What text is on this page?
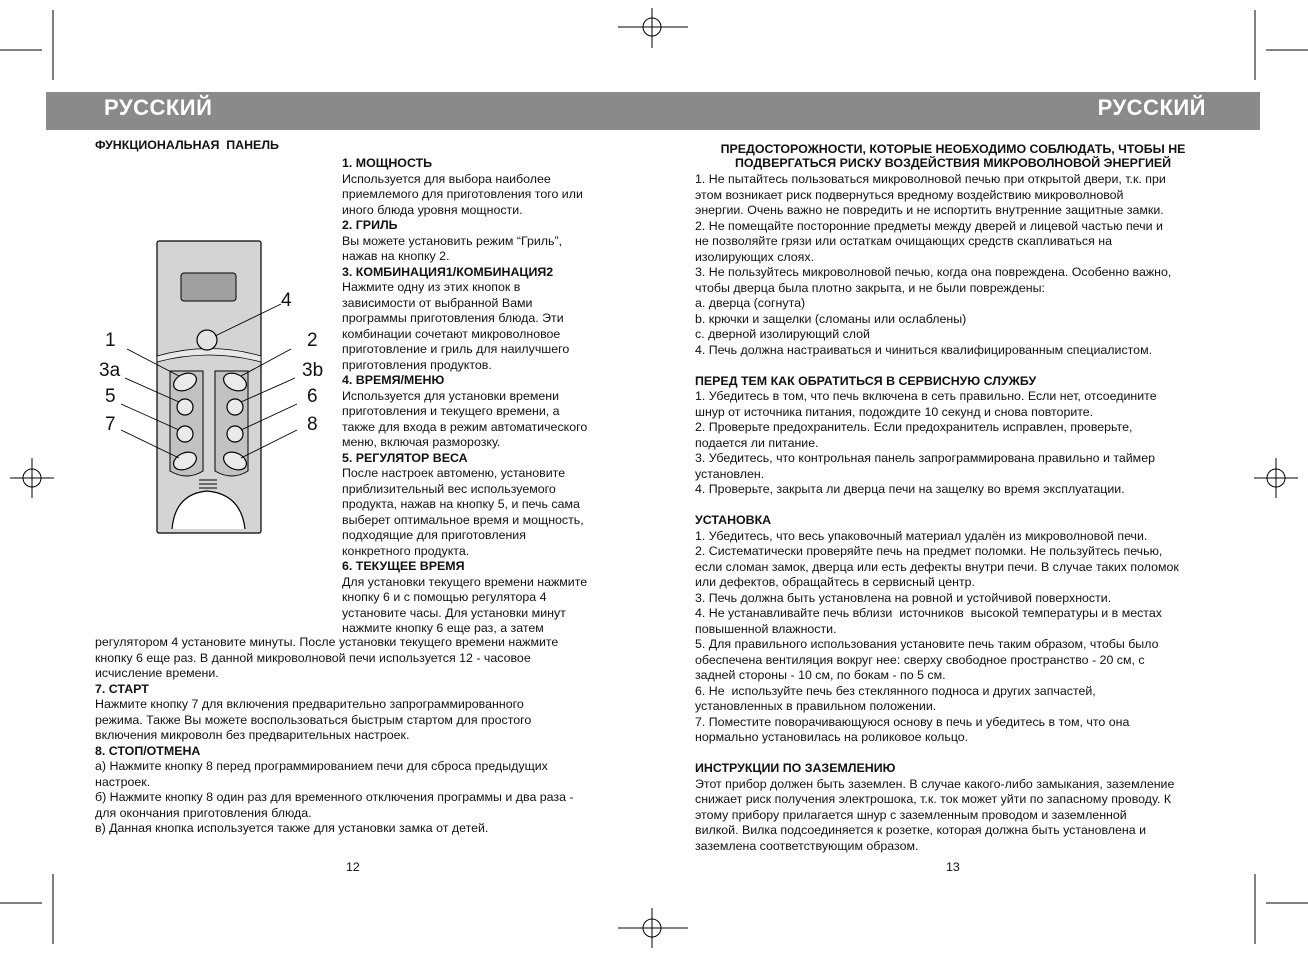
РУССКИЙ	РУССКИЙ
ФУНКЦИОНАЛЬНАЯ  ПАНЕЛЬ
1
3a
5
7
2
3b
6
8
4
1. МОЩНОСТЬ
Используется для выбора наиболее
приемлемого для приготовления того или
иного блюда уровня мощности.
2. ГРИЛЬ
Вы можете установить режим “Гриль”,
нажав на кнопку 2.
3. КОМБИНАЦИЯ1/КОМБИНАЦИЯ2
Нажмите одну из этих кнопок в
зависимости от выбранной Вами
программы приготовления блюда. Эти
комбинации сочетают микроволновое
приготовление и гриль для наилучшего
приготовления продуктов.
4. ВРЕМЯ/МЕНЮ
Используется для установки времени
приготовления и текущего времени, а
также для входа в режим автоматического
меню, включая разморозку.
5. РЕГУЛЯТОР ВЕСА
После настроек автоменю, установите
приблизительный вес используемого
продукта, нажав на кнопку 5, и печь сама
выберет оптимальное время и мощность,
подходящие для приготовления
конкретного продукта.
6. ТЕКУЩЕЕ ВРЕМЯ
Для установки текущего времени нажмите
кнопку 6 и с помощью регулятора 4
установите часы. Для установки минут
нажмите кнопку 6 еще раз, а затем
регулятором 4 установите минуты. После установки текущего времени нажмите
кнопку 6 еще раз. В данной микроволновой печи используется 12 - часовое
исчисление времени.
7. СТАРТ
Нажмите кнопку 7 для включения предварительно запрограммированного
режима. Также Вы можете воспользоваться быстрым стартом для простого
включения микроволн без предварительных настроек.
8. СТОП/ОТМЕНА
а) Нажмите кнопку 8 перед программированием печи для сброса предыдущих
настроек.
б) Нажмите кнопку 8 один раз для временного отключения программы и два раза -
для окончания приготовления блюда.
в) Данная кнопка используется также для установки замка от детей.
12
ПРЕДОСТОРОЖНОСТИ, КОТОРЫЕ НЕОБХОДИМО СОБЛЮДАТЬ, ЧТОБЫ НЕ
ПОДВЕРГАТЬСЯ РИСКУ ВОЗДЕЙСТВИЯ МИКРОВОЛНОВОЙ ЭНЕРГИЕЙ
1. Не пытайтесь пользоваться микроволновой печью при открытой двери, т.к. при
этом возникает риск подвернуться вредному воздействию микроволновой
энергии. Очень важно не повредить и не испортить внутренние защитные замки.
2. Не помещайте посторонние предметы между дверей и лицевой частью печи и
не позволяйте грязи или остаткам очищающих средств скапливаться на
изолирующих слоях.
3. Не пользуйтесь микроволновой печью, когда она повреждена. Особенно важно,
чтобы дверца была плотно закрыта, и не были повреждены:
a. дверца (согнута)
b. крючки и защелки (сломаны или ослаблены)
c. дверной изолирующий слой
4. Печь должна настраиваться и чиниться квалифицированным специалистом.
ПЕРЕД ТЕМ КАК ОБРАТИТЬСЯ В СЕРВИСНУЮ СЛУЖБУ
1. Убедитесь в том, что печь включена в сеть правильно. Если нет, отсоедините
шнур от источника питания, подождите 10 секунд и снова повторите.
2. Проверьте предохранитель. Если предохранитель исправлен, проверьте,
подается ли питание.
3. Убедитесь, что контрольная панель запрограммирована правильно и таймер
установлен.
4. Проверьте, закрыта ли дверца печи на защелку во время эксплуатации.
УСТАНОВКА
1. Убедитесь, что весь упаковочный материал удалён из микроволновой печи.
2. Систематически проверяйте печь на предмет поломки. Не пользуйтесь печью,
если сломан замок, дверца или есть дефекты внутри печи. В случае таких поломок
или дефектов, обращайтесь в сервисный центр.
3. Печь должна быть установлена на ровной и устойчивой поверхности.
4. Не устанавливайте печь вблизи  источников  высокой температуры и в местах
повышенной влажности.
5. Для правильного использования установите печь таким образом, чтобы было
обеспечена вентиляция вокруг нее: сверху свободное пространство - 20 см, с
задней стороны - 10 см, по бокам - по 5 см.
6. Не  используйте печь без стеклянного подноса и других запчастей,
установленных в правильном положении.
7. Поместите поворачивающуюся основу в печь и убедитесь в том, что она
нормально установилась на роликовое кольцо.
ИНСТРУКЦИИ ПО ЗАЗЕМЛЕНИЮ
Этот прибор должен быть заземлен. В случае какого-либо замыкания, заземление
снижает риск получения электрошока, т.к. ток может уйти по запасному проводу. К
этому прибору прилагается шнур с заземленным проводом и заземленной
вилкой. Вилка подсоединяется к розетке, которая должна быть установлена и
заземлена соответствующим образом.
13
